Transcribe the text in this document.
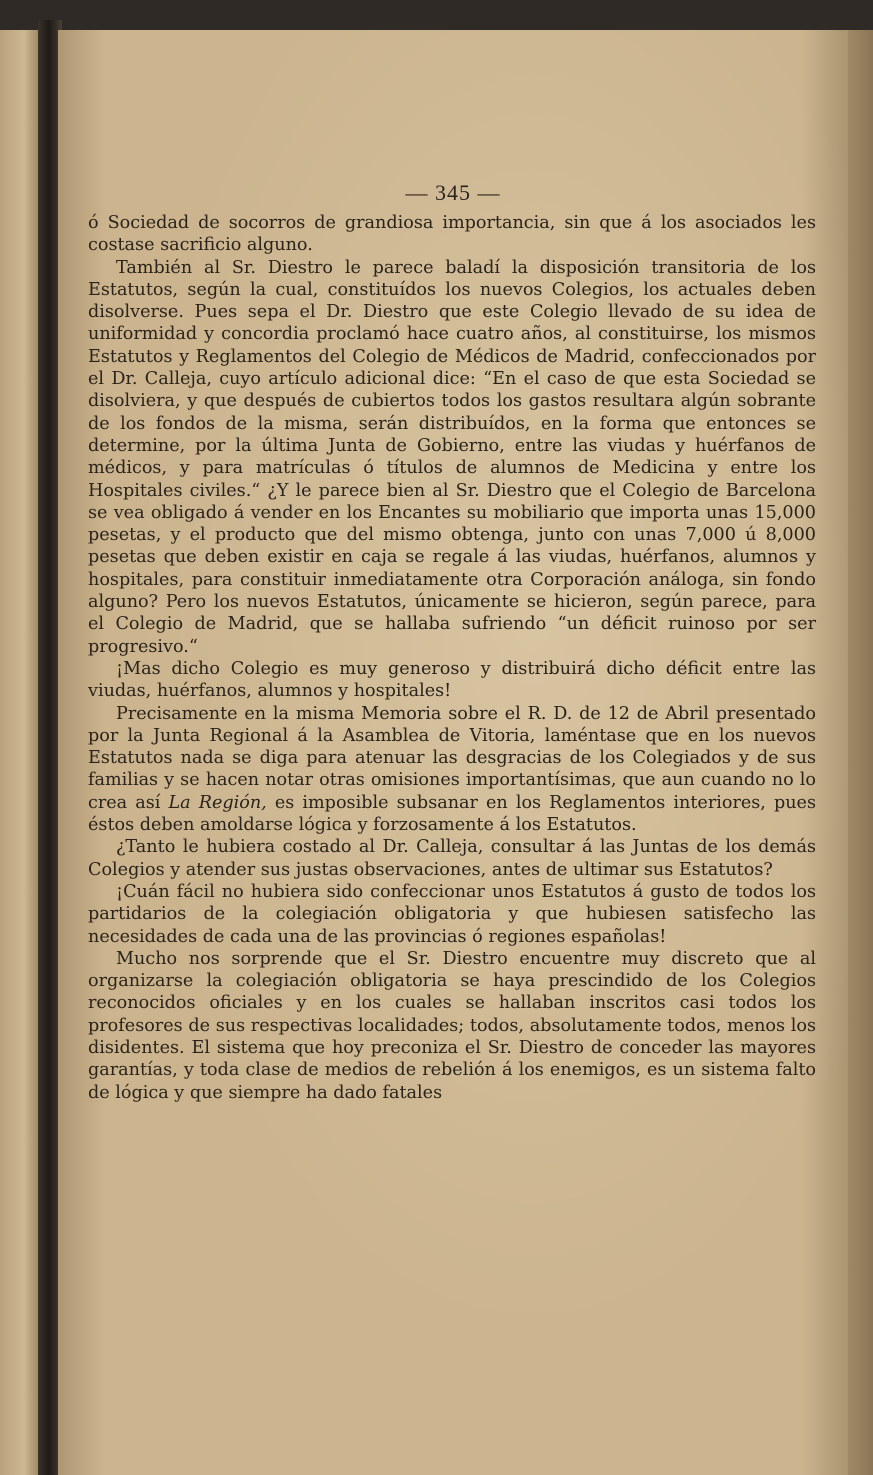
— 345 —

ó Sociedad de socorros de grandiosa importancia, sin que á los asociados les costase sacrificio alguno.

También al Sr. Diestro le parece baladí la disposición transitoria de los Estatutos, según la cual, constituídos los nuevos Colegios, los actuales deben disolverse. Pues sepa el Dr. Diestro que este Colegio llevado de su idea de uniformidad y concordia proclamó hace cuatro años, al constituirse, los mismos Estatutos y Reglamentos del Colegio de Médicos de Madrid, confeccionados por el Dr. Calleja, cuyo artículo adicional dice: “En el caso de que esta Sociedad se disolviera, y que después de cubiertos todos los gastos resultara algún sobrante de los fondos de la misma, serán distribuídos, en la forma que entonces se determine, por la última Junta de Gobierno, entre las viudas y huérfanos de médicos, y para matrículas ó títulos de alumnos de Medicina y entre los Hospitales civiles.“ ¿Y le parece bien al Sr. Diestro que el Colegio de Barcelona se vea obligado á vender en los Encantes su mobiliario que importa unas 15,000 pesetas, y el producto que del mismo obtenga, junto con unas 7,000 ú 8,000 pesetas que deben existir en caja se regale á las viudas, huérfanos, alumnos y hospitales, para constituir inmediatamente otra Corporación análoga, sin fondo alguno? Pero los nuevos Estatutos, únicamente se hicieron, según parece, para el Colegio de Madrid, que se hallaba sufriendo “un déficit ruinoso por ser progresivo.“

¡Mas dicho Colegio es muy generoso y distribuirá dicho déficit entre las viudas, huérfanos, alumnos y hospitales!

Precisamente en la misma Memoria sobre el R. D. de 12 de Abril presentado por la Junta Regional á la Asamblea de Vitoria, laméntase que en los nuevos Estatutos nada se diga para atenuar las desgracias de los Colegiados y de sus familias y se hacen notar otras omisiones importantísimas, que aun cuando no lo crea así La Región, es imposible subsanar en los Reglamentos interiores, pues éstos deben amoldarse lógica y forzosamente á los Estatutos.

¿Tanto le hubiera costado al Dr. Calleja, consultar á las Juntas de los demás Colegios y atender sus justas observaciones, antes de ultimar sus Estatutos?

¡Cuán fácil no hubiera sido confeccionar unos Estatutos á gusto de todos los partidarios de la colegiación obligatoria y que hubiesen satisfecho las necesidades de cada una de las provincias ó regiones españolas!

Mucho nos sorprende que el Sr. Diestro encuentre muy discreto que al organizarse la colegiación obligatoria se haya prescindido de los Colegios reconocidos oficiales y en los cuales se hallaban inscritos casi todos los profesores de sus respectivas localidades; todos, absolutamente todos, menos los disidentes. El sistema que hoy preconiza el Sr. Diestro de conceder las mayores garantías, y toda clase de medios de rebelión á los enemigos, es un sistema falto de lógica y que siempre ha dado fatales
